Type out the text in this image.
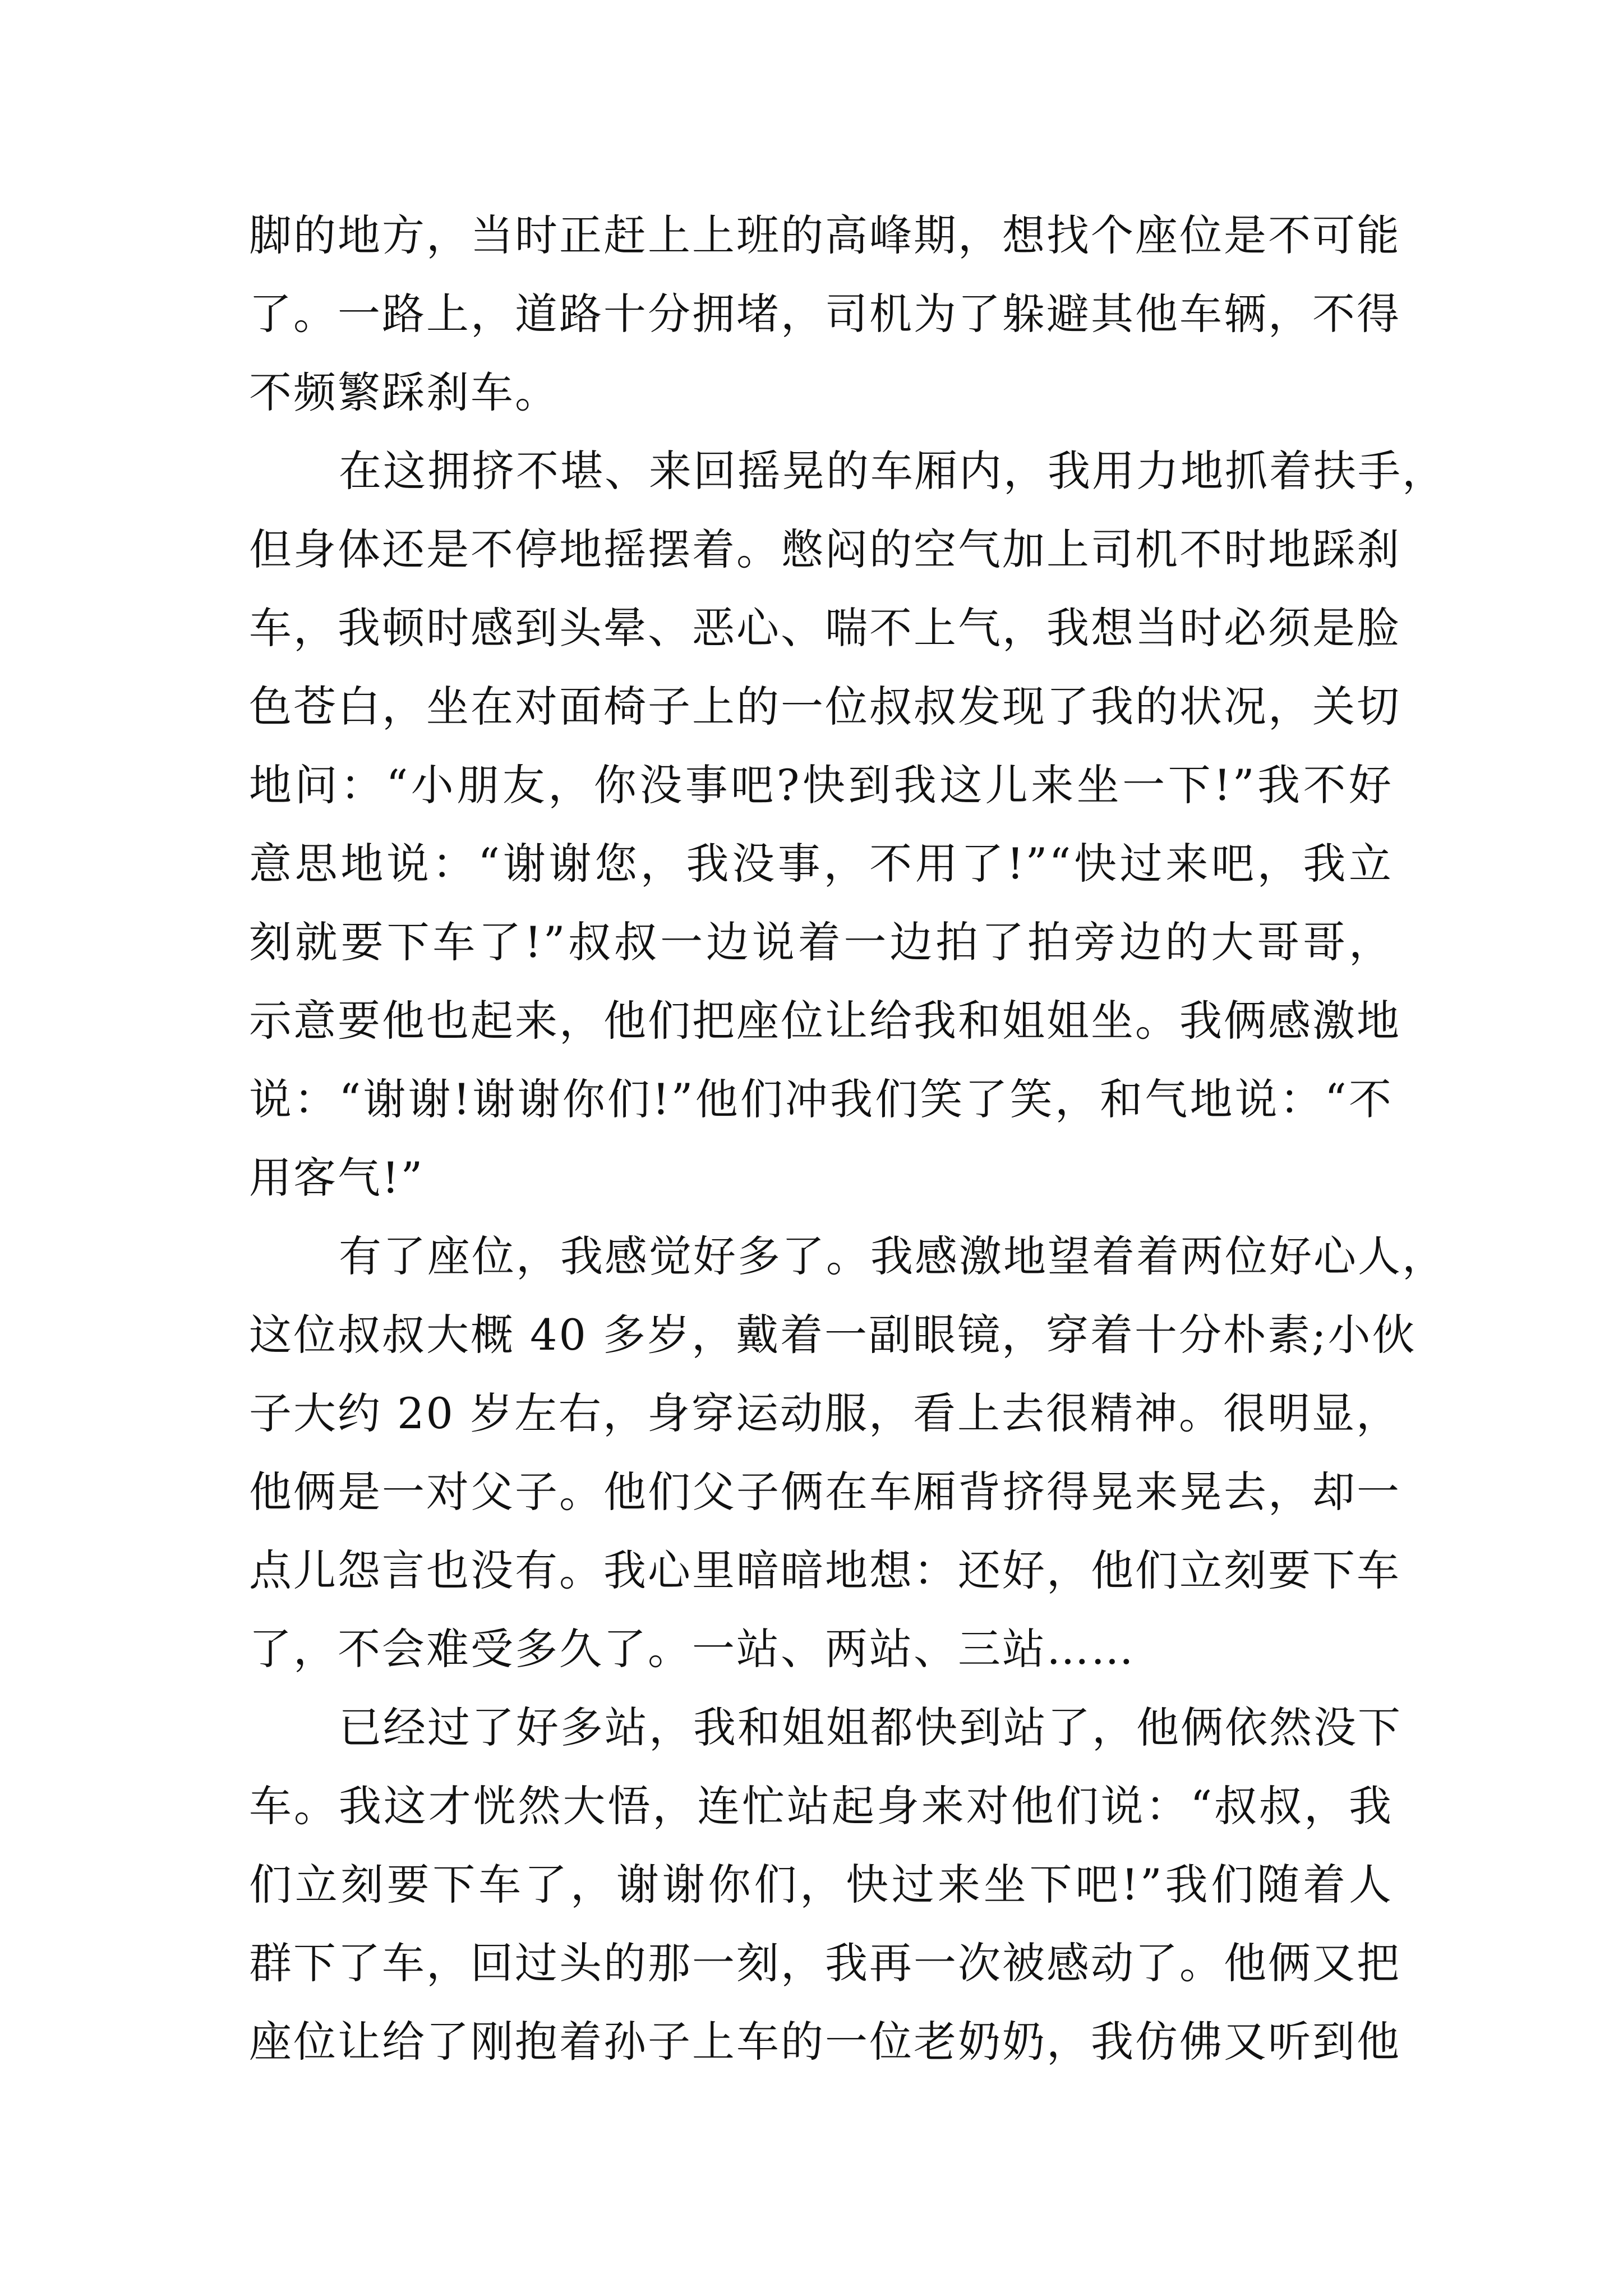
脚的地方，当时正赶上上班的高峰期，想找个座位是不可能
了。一路上，道路十分拥堵，司机为了躲避其他车辆，不得
不频繁踩刹车。
在这拥挤不堪、来回摇晃的车厢内，我用力地抓着扶手，
但身体还是不停地摇摆着。憋闷的空气加上司机不时地踩刹
车，我顿时感到头晕、恶心、喘不上气，我想当时必须是脸
色苍白，坐在对面椅子上的一位叔叔发现了我的状况，关切
地问：“小朋友，你没事吧?快到我这儿来坐一下!”我不好
意思地说：“谢谢您，我没事，不用了!”“快过来吧，我立
刻就要下车了!”叔叔一边说着一边拍了拍旁边的大哥哥，
示意要他也起来，他们把座位让给我和姐姐坐。我俩感激地
说：“谢谢!谢谢你们!”他们冲我们笑了笑，和气地说：“不
用客气!”
有了座位，我感觉好多了。我感激地望着着两位好心人，
这位叔叔大概 40 多岁，戴着一副眼镜，穿着十分朴素;小伙
子大约 20 岁左右，身穿运动服，看上去很精神。很明显，
他俩是一对父子。他们父子俩在车厢背挤得晃来晃去，却一
点儿怨言也没有。我心里暗暗地想：还好，他们立刻要下车
了，不会难受多久了。一站、两站、三站……
已经过了好多站，我和姐姐都快到站了，他俩依然没下
车。我这才恍然大悟，连忙站起身来对他们说：“叔叔，我
们立刻要下车了，谢谢你们，快过来坐下吧!”我们随着人
群下了车，回过头的那一刻，我再一次被感动了。他俩又把
座位让给了刚抱着孙子上车的一位老奶奶，我仿佛又听到他
